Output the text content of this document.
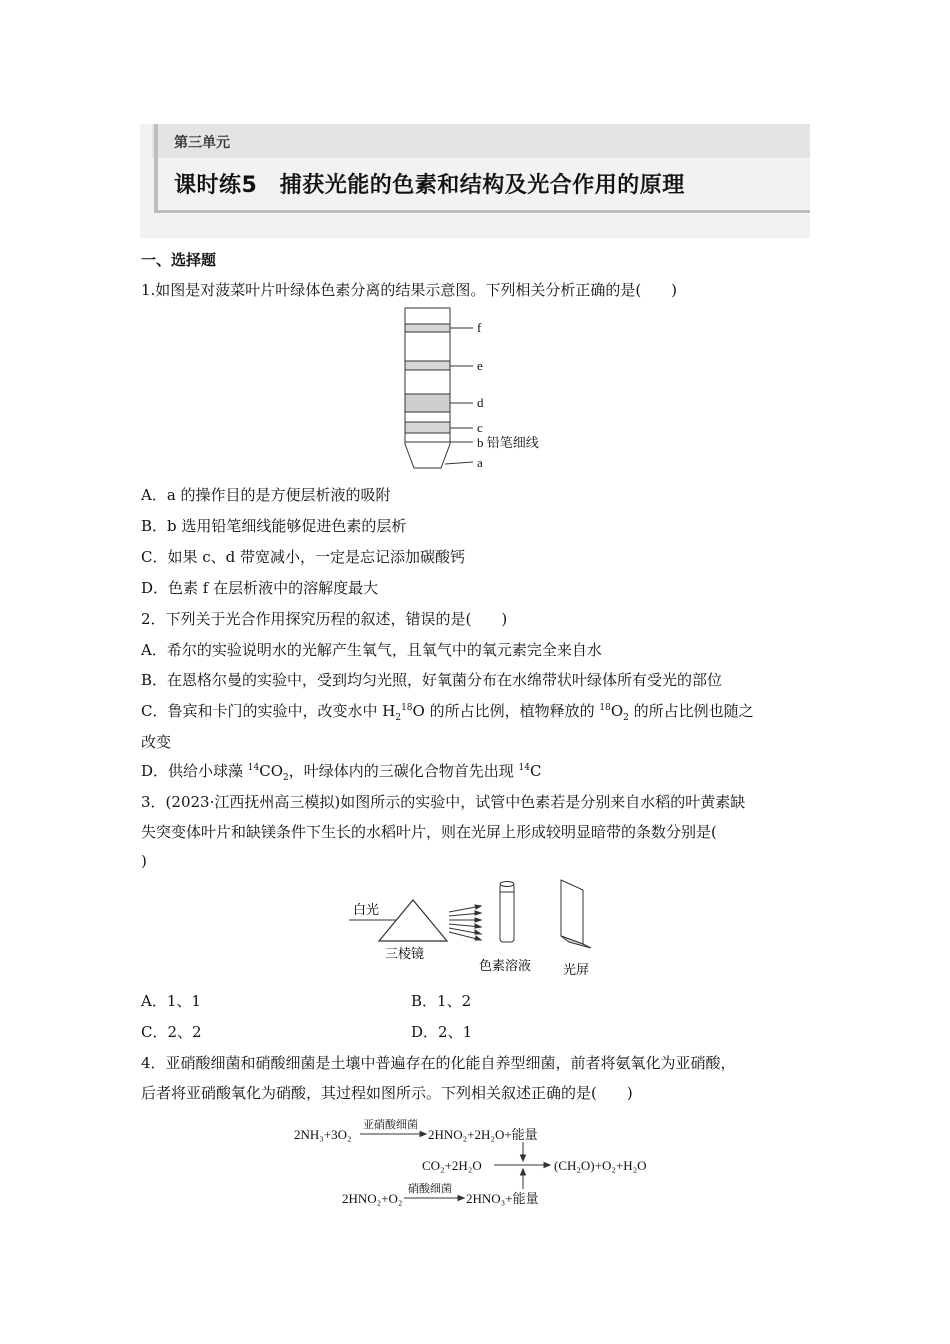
第三单元
课时练5　捕获光能的色素和结构及光合作用的原理
一、选择题
1.如图是对菠菜叶片叶绿体色素分离的结果示意图。下列相关分析正确的是(　　)
f
e
d
c
b 铅笔细线
a
A．a 的操作目的是方便层析液的吸附
B．b 选用铅笔细线能够促进色素的层析
C．如果 c、d 带宽减小，一定是忘记添加碳酸钙
D．色素 f 在层析液中的溶解度最大
2．下列关于光合作用探究历程的叙述，错误的是(　　)
A．希尔的实验说明水的光解产生氧气，且氧气中的氧元素完全来自水
B．在恩格尔曼的实验中，受到均匀光照，好氧菌分布在水绵带状叶绿体所有受光的部位
C．鲁宾和卡门的实验中，改变水中 $H_2^{18}O$ 的所占比例，植物释放的 $^{18}O_2$ 的所占比例也随之
改变
D．供给小球藻 $^{14}CO_2$，叶绿体内的三碳化合物首先出现 $^{14}$C
3．(2023·江西抚州高三模拟)如图所示的实验中，试管中色素若是分别来自水稻的叶黄素缺
失突变体叶片和缺镁条件下生长的水稻叶片，则在光屏上形成较明显暗带的条数分别是(
)
白光
三棱镜
色素溶液 光屏
A．1、1	B．1、2
C．2、2	D．2、1
4．亚硝酸细菌和硝酸细菌是土壤中普遍存在的化能自养型细菌，前者将氨氧化为亚硝酸，
后者将亚硝酸氧化为硝酸，其过程如图所示。下列相关叙述正确的是(　　)
2NH₃+3O₂
亚硝酸细菌
2HNO₂+2H₂O+能量
CO₂+2H₂O	(CH₂O)+O₂+H₂O
2HNO₂+O₂
硝酸细菌
2HNO₃+能量
